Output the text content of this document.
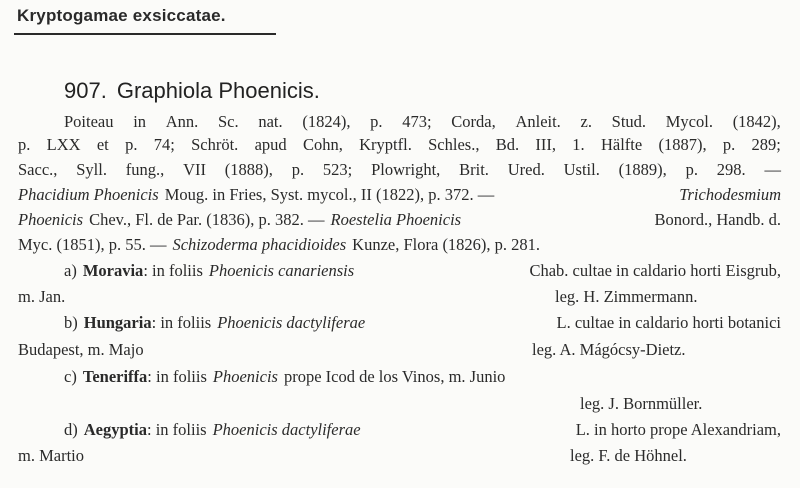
Kryptogamae exsiccatae.
907. Graphiola Phoenicis.
Poiteau in Ann. Sc. nat. (1824), p. 473; Corda, Anleit. z. Stud. Mycol. (1842),
p. LXX et p. 74; Schröt. apud Cohn, Kryptfl. Schles., Bd. III, 1. Hälfte (1887), p. 289;
Sacc., Syll. fung., VII (1888), p. 523; Plowright, Brit. Ured. Ustil. (1889), p. 298. —
Phacidium Phoenicis Moug. in Fries, Syst. mycol., II (1822), p. 372. —	Trichodesmium
Phoenicis Chev., Fl. de Par. (1836), p. 382. — Roestelia Phoenicis	Bonord., Handb. d.
Myc. (1851), p. 55. — Schizoderma phacidioides Kunze, Flora (1826), p. 281.
a) Moravia : in foliis Phoenicis canariensis	Chab. cultae in caldario horti Eisgrub,
m. Jan.	leg. H. Zimmermann.
b) Hungaria : in foliis Phoenicis dactyliferae	L. cultae in caldario horti botanici
Budapest, m. Majo	leg. A. Mágócsy-Dietz.
c) Teneriffa : in foliis Phoenicis prope Icod de los Vinos, m. Junio
leg. J. Bornmüller.
d) Aegyptia : in foliis Phoenicis dactyliferae	L. in horto prope Alexandriam,
m. Martio	leg. F. de Höhnel.
